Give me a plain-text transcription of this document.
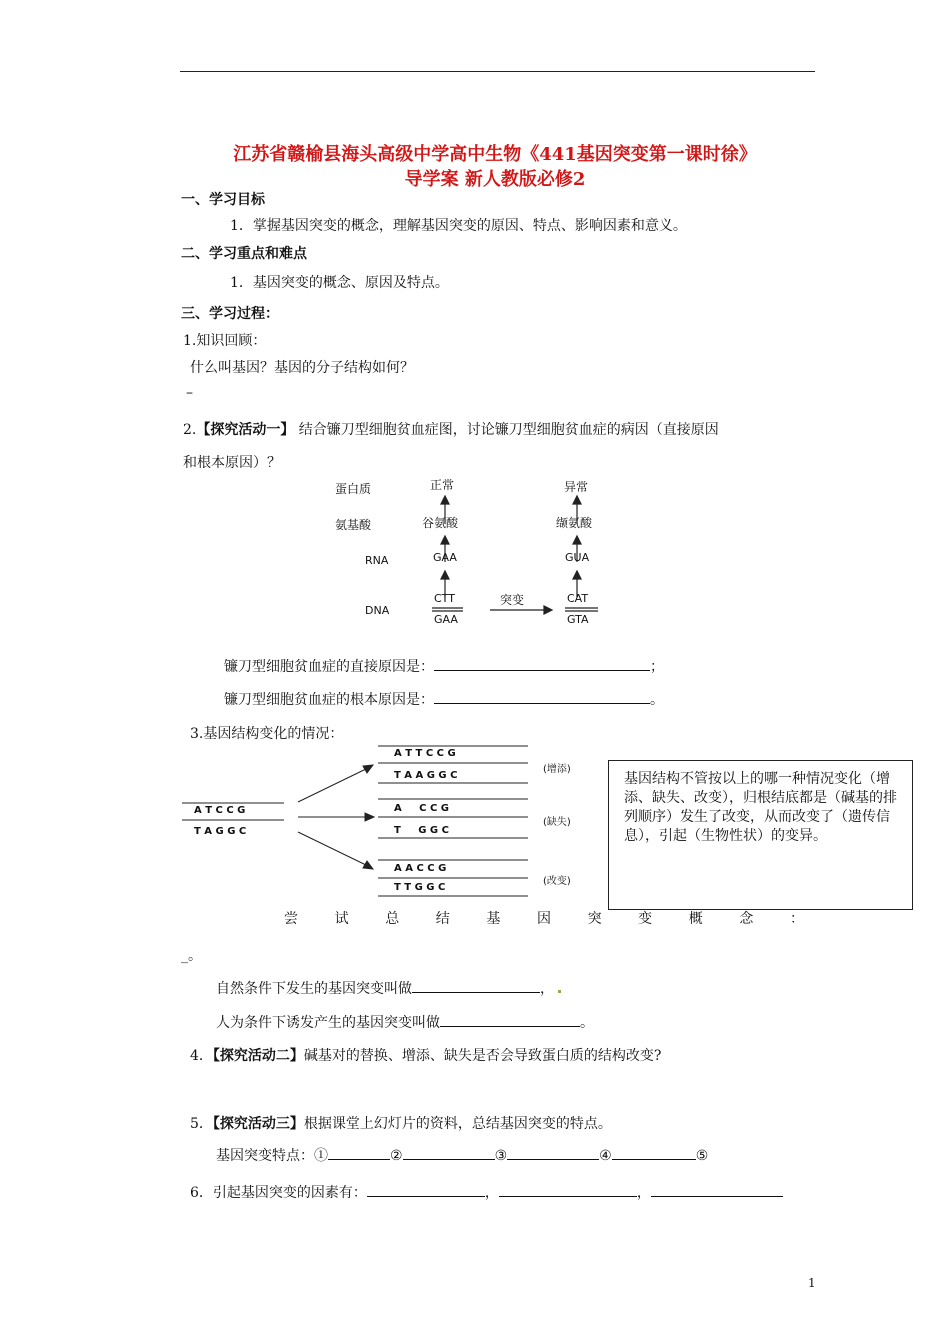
江苏省赣榆县海头高级中学高中生物《441基因突变第一课时徐》
导学案 新人教版必修2
一、学习目标
1．掌握基因突变的概念，理解基因突变的原因、特点、影响因素和意义。
二、学习重点和难点
1．基因突变的概念、原因及特点。
三、学习过程：
1.知识回顾：
什么叫基因？基因的分子结构如何？
–
2.【探究活动一】 结合镰刀型细胞贫血症图，讨论镰刀型细胞贫血症的病因（直接原因
和根本原因）？
蛋白质
氨基酸
RNA
DNA
正常	异常
谷氨酸	缬氨酸
GAA	GUA
CTT
GAA
CAT
GTA
突变
镰刀型细胞贫血症的直接原因是：	；
镰刀型细胞贫血症的根本原因是：	。
3.基因结构变化的情况：
A T C C G
T A G G C
A T T C C G
T A A G G C
(增添)
A     C C G
T     G G C
(缺失)
A A C C G
T T G G C
(改变)
基因结构不管按以上的哪一种情况变化（增添、缺失、改变），归根结底都是（碱基的排列顺序）发生了改变，从而改变了（遗传信息），引起（生物性状）的变异。
尝	试	总	结	基	因	突	变	概	念	：
_。
自然条件下发生的基因突变叫做	，
人为条件下诱发产生的基因突变叫做	。
4．【探究活动二】碱基对的替换、增添、缺失是否会导致蛋白质的结构改变?
5．【探究活动三】根据课堂上幻灯片的资料，总结基因突变的特点。
基因突变特点：①	②	③	④	⑤
6．引起基因突变的因素有：	，	，
1
